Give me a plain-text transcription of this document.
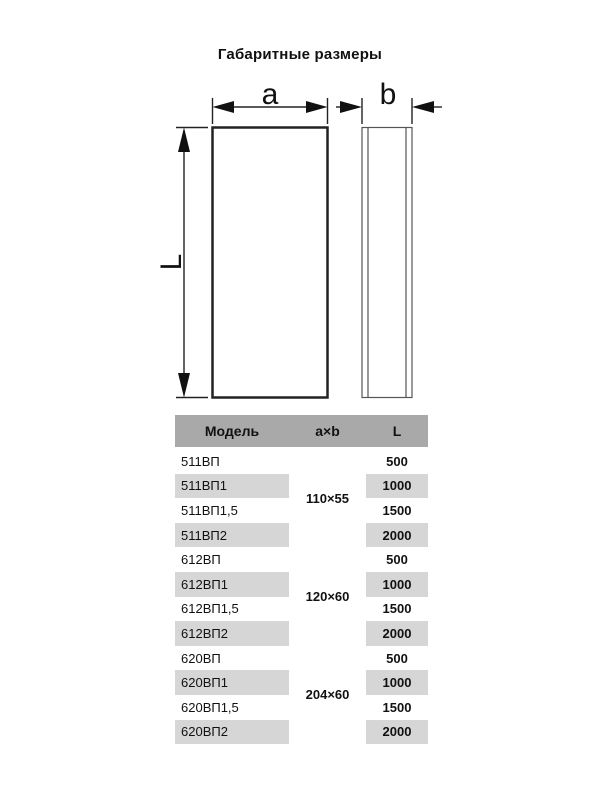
Габаритные размеры
a	b
L
Модель	a×b	L

511ВП	110×55	500
511ВП1		1000
511ВП1,5		1500
511ВП2		2000
612ВП	120×60	500
612ВП1		1000
612ВП1,5		1500
612ВП2		2000
620ВП	204×60	500
620ВП1		1000
620ВП1,5		1500
620ВП2		2000
